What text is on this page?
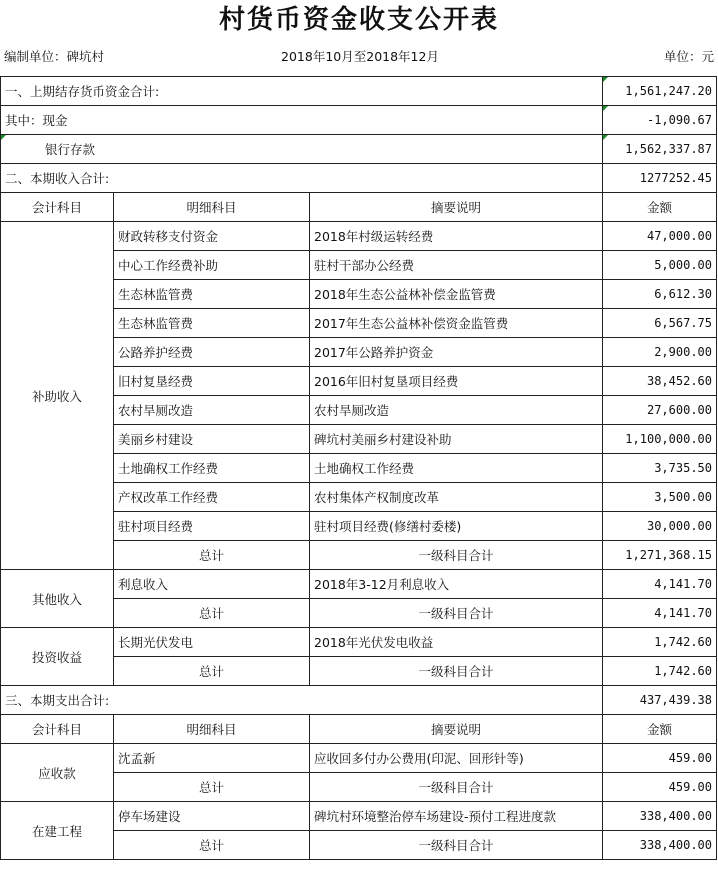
村货币资金收支公开表
编制单位：碑坑村	2018年10月至2018年12月	单位：元
一、上期结存货币资金合计:			1,561,247.20
其中：现金			-1,090.67
银行存款			1,562,337.87
二、本期收入合计:			1277252.45
会计科目	明细科目	摘要说明	金额
补助收入	财政转移支付资金	2018年村级运转经费	47,000.00
	中心工作经费补助	驻村干部办公经费	5,000.00
	生态林监管费	2018年生态公益林补偿金监管费	6,612.30
	生态林监管费	2017年生态公益林补偿资金监管费	6,567.75
	公路养护经费	2017年公路养护资金	2,900.00
	旧村复垦经费	2016年旧村复垦项目经费	38,452.60
	农村旱厕改造	农村旱厕改造	27,600.00
	美丽乡村建设	碑坑村美丽乡村建设补助	1,100,000.00
	土地确权工作经费	土地确权工作经费	3,735.50
	产权改革工作经费	农村集体产权制度改革	3,500.00
	驻村项目经费	驻村项目经费(修缮村委楼)	30,000.00
	总计	一级科目合计	1,271,368.15
其他收入	利息收入	2018年3-12月利息收入	4,141.70
	总计	一级科目合计	4,141.70
投资收益	长期光伏发电	2018年光伏发电收益	1,742.60
	总计	一级科目合计	1,742.60
三、本期支出合计:			437,439.38
会计科目	明细科目	摘要说明	金额
应收款	沈孟新	应收回多付办公费用(印泥、回形针等)	459.00
	总计	一级科目合计	459.00
在建工程	停车场建设	碑坑村环境整治停车场建设-预付工程进度款	338,400.00
	总计	一级科目合计	338,400.00
